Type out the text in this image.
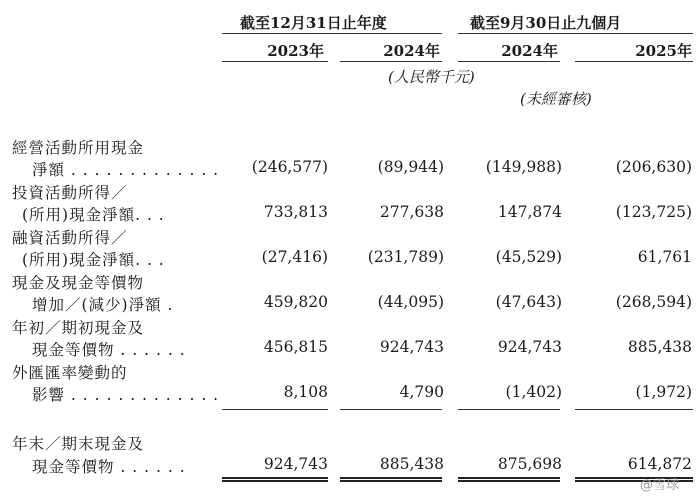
截至12月31日止年度	截至9月30日止九個月
2023年	2024年	2024年	2025年
(人民幣千元)
(未經審核)
經營活動所用現金
淨額 . . . . . . . . . . . . .	(246,577)	(89,944)	(149,988)	(206,630)
投資活動所得／
(所用)現金淨額. . .	733,813	277,638	147,874	(123,725)
融資活動所得／
(所用)現金淨額. . .	(27,416)	(231,789)	(45,529)	61,761
現金及現金等價物
增加／(減少)淨額 .	459,820	(44,095)	(47,643)	(268,594)
年初／期初現金及
現金等價物 . . . . . .	456,815	924,743	924,743	885,438
外匯匯率變動的
影響 . . . . . . . . . . . . .	8,108	4,790	(1,402)	(1,972)
年末／期末現金及
現金等價物 . . . . . .	924,743	885,438	875,698	614,872
@雪球
